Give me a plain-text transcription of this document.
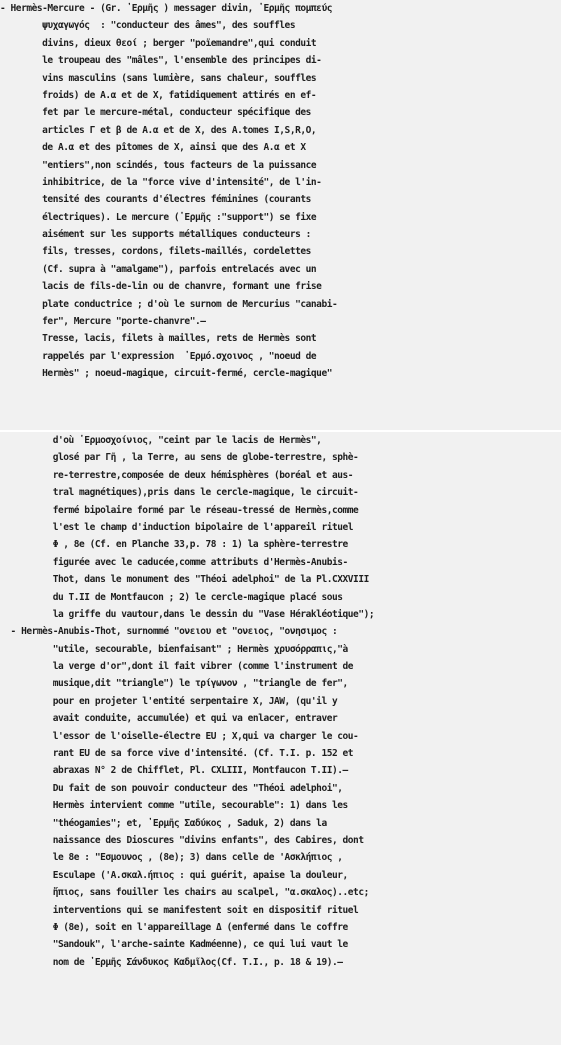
- Hermès-Mercure - (Gr. ʽΕρμῆς ) messager divin, ʽΕρμῆς πομπεύς
ψυχαγωγός  : "conducteur des âmes", des souffles
divins, dieux θεοί ; berger "poïemandre",qui conduit
le troupeau des "mâles", l'ensemble des principes di-
vins masculins (sans lumière, sans chaleur, souffles
froids) de A.α et de X, fatidiquement attirés en ef-
fet par le mercure-métal, conducteur spécifique des
articles Γ et β de A.α et de X, des A.tomes I,S,R,O,
de A.α et des pîtomes de X, ainsi que des A.α et X
"entiers",non scindés, tous facteurs de la puissance
inhibitrice, de la "force vive d'intensité", de l'in-
tensité des courants d'électres féminines (courants
électriques). Le mercure (ʽΕρμῆς :"support") se fixe
aisément sur les supports métalliques conducteurs :
fils, tresses, cordons, filets-maillés, cordelettes
(Cf. supra à "amalgame"), parfois entrelacés avec un
lacis de fils-de-lin ou de chanvre, formant une frise
plate conductrice ; d'où le surnom de Mercurius "canabi-
fer", Mercure "porte-chanvre".—
Tresse, lacis, filets à mailles, rets de Hermès sont
rappelés par l'expression  ʽΕρμό.σχοινος , "noeud de
Hermès" ; noeud-magique, circuit-fermé, cercle-magique"
d'où ʽΕρμοσχοίνιος, "ceint par le lacis de Hermès",
glosé par Γῆ , la Terre, au sens de globe-terrestre, sphè-
re-terrestre,composée de deux hémisphères (boréal et aus-
tral magnétiques),pris dans le cercle-magique, le circuit-
fermé bipolaire formé par le réseau-tressé de Hermès,comme
l'est le champ d'induction bipolaire de l'appareil rituel
Φ , 8e (Cf. en Planche 33,p. 78 : 1) la sphère-terrestre
figurée avec le caducée,comme attributs d'Hermès-Anubis-
Thot, dans le monument des "Théoi adelphoi" de la Pl.CXXVIII
du T.II de Montfaucon ; 2) le cercle-magique placé sous
la griffe du vautour,dans le dessin du "Vase Hérakléotique");
- Hermès-Anubis-Thot, surnommé "ονειου et "ονειος, "ονησιμος :
"utile, secourable, bienfaisant" ; Hermès χρυσόρραπις,"à
la verge d'or",dont il fait vibrer (comme l'instrument de
musique,dit "triangle") le τρίγωνον , "triangle de fer",
pour en projeter l'entité serpentaire X, JAW, (qu'il y
avait conduite, accumulée) et qui va enlacer, entraver
l'essor de l'oiselle-électre EU ; X,qui va charger le cou-
rant EU de sa force vive d'intensité. (Cf. T.I. p. 152 et
abraxas N° 2 de Chifflet, Pl. CXLIII, Montfaucon T.II).—
Du fait de son pouvoir conducteur des "Théoi adelphoi",
Hermès intervient comme "utile, secourable": 1) dans les
"théogamies"; et, ʽΕρμῆς Σαδύκος , Saduk, 2) dans la
naissance des Dioscures "divins enfants", des Cabires, dont
le 8e : "Εσμουνος , (8e); 3) dans celle de 'Ασκλήπιος ,
Esculape ('Α.σκαλ.ήπιος : qui guérit, apaise la douleur,
ἤπιος, sans fouiller les chairs au scalpel, "α.σκαλος)..etc;
interventions qui se manifestent soit en dispositif rituel
Φ (8e), soit en l'appareillage Δ (enfermé dans le coffre
"Sandouk", l'arche-sainte Kadméenne), ce qui lui vaut le
nom de ʽΕρμῆς Σάνδυκος Καδμῖλος(Cf. T.I., p. 18 & 19).—
